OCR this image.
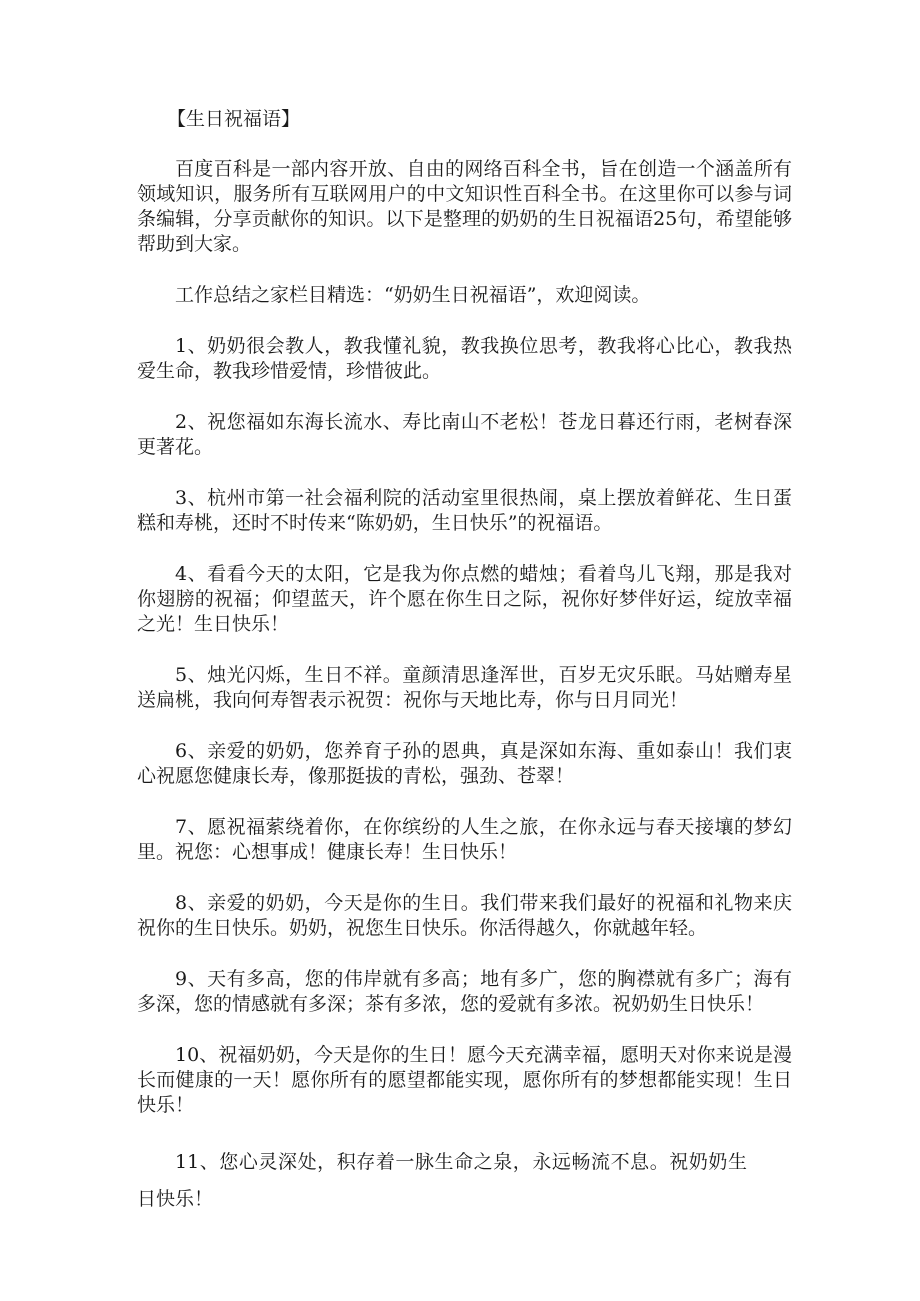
【生日祝福语】

百度百科是一部内容开放、自由的网络百科全书，旨在创造一个涵盖所有领域知识，服务所有互联网用户的中文知识性百科全书。在这里你可以参与词条编辑，分享贡献你的知识。以下是整理的奶奶的生日祝福语25句，希望能够帮助到大家。

工作总结之家栏目精选：“奶奶生日祝福语”，欢迎阅读。

1、奶奶很会教人，教我懂礼貌，教我换位思考，教我将心比心，教我热爱生命，教我珍惜爱情，珍惜彼此。

2、祝您福如东海长流水、寿比南山不老松！苍龙日暮还行雨，老树春深更著花。

3、杭州市第一社会福利院的活动室里很热闹，桌上摆放着鲜花、生日蛋糕和寿桃，还时不时传来“陈奶奶，生日快乐”的祝福语。

4、看看今天的太阳，它是我为你点燃的蜡烛；看着鸟儿飞翔，那是我对你翅膀的祝福；仰望蓝天，许个愿在你生日之际，祝你好梦伴好运，绽放幸福之光！生日快乐！

5、烛光闪烁，生日不祥。童颜清思逢浑世，百岁无灾乐眠。马姑赠寿星送扁桃，我向何寿智表示祝贺：祝你与天地比寿，你与日月同光！

6、亲爱的奶奶，您养育子孙的恩典，真是深如东海、重如泰山！我们衷心祝愿您健康长寿，像那挺拔的青松，强劲、苍翠！

7、愿祝福萦绕着你，在你缤纷的人生之旅，在你永远与春天接壤的梦幻里。祝您：心想事成！健康长寿！生日快乐！

8、亲爱的奶奶，今天是你的生日。我们带来我们最好的祝福和礼物来庆祝你的生日快乐。奶奶，祝您生日快乐。你活得越久，你就越年轻。

9、天有多高，您的伟岸就有多高；地有多广，您的胸襟就有多广；海有多深，您的情感就有多深；茶有多浓，您的爱就有多浓。祝奶奶生日快乐！

10、祝福奶奶，今天是你的生日！愿今天充满幸福，愿明天对你来说是漫长而健康的一天！愿你所有的愿望都能实现，愿你所有的梦想都能实现！生日快乐！

11、您心灵深处，积存着一脉生命之泉，永远畅流不息。祝奶奶生日快乐！
